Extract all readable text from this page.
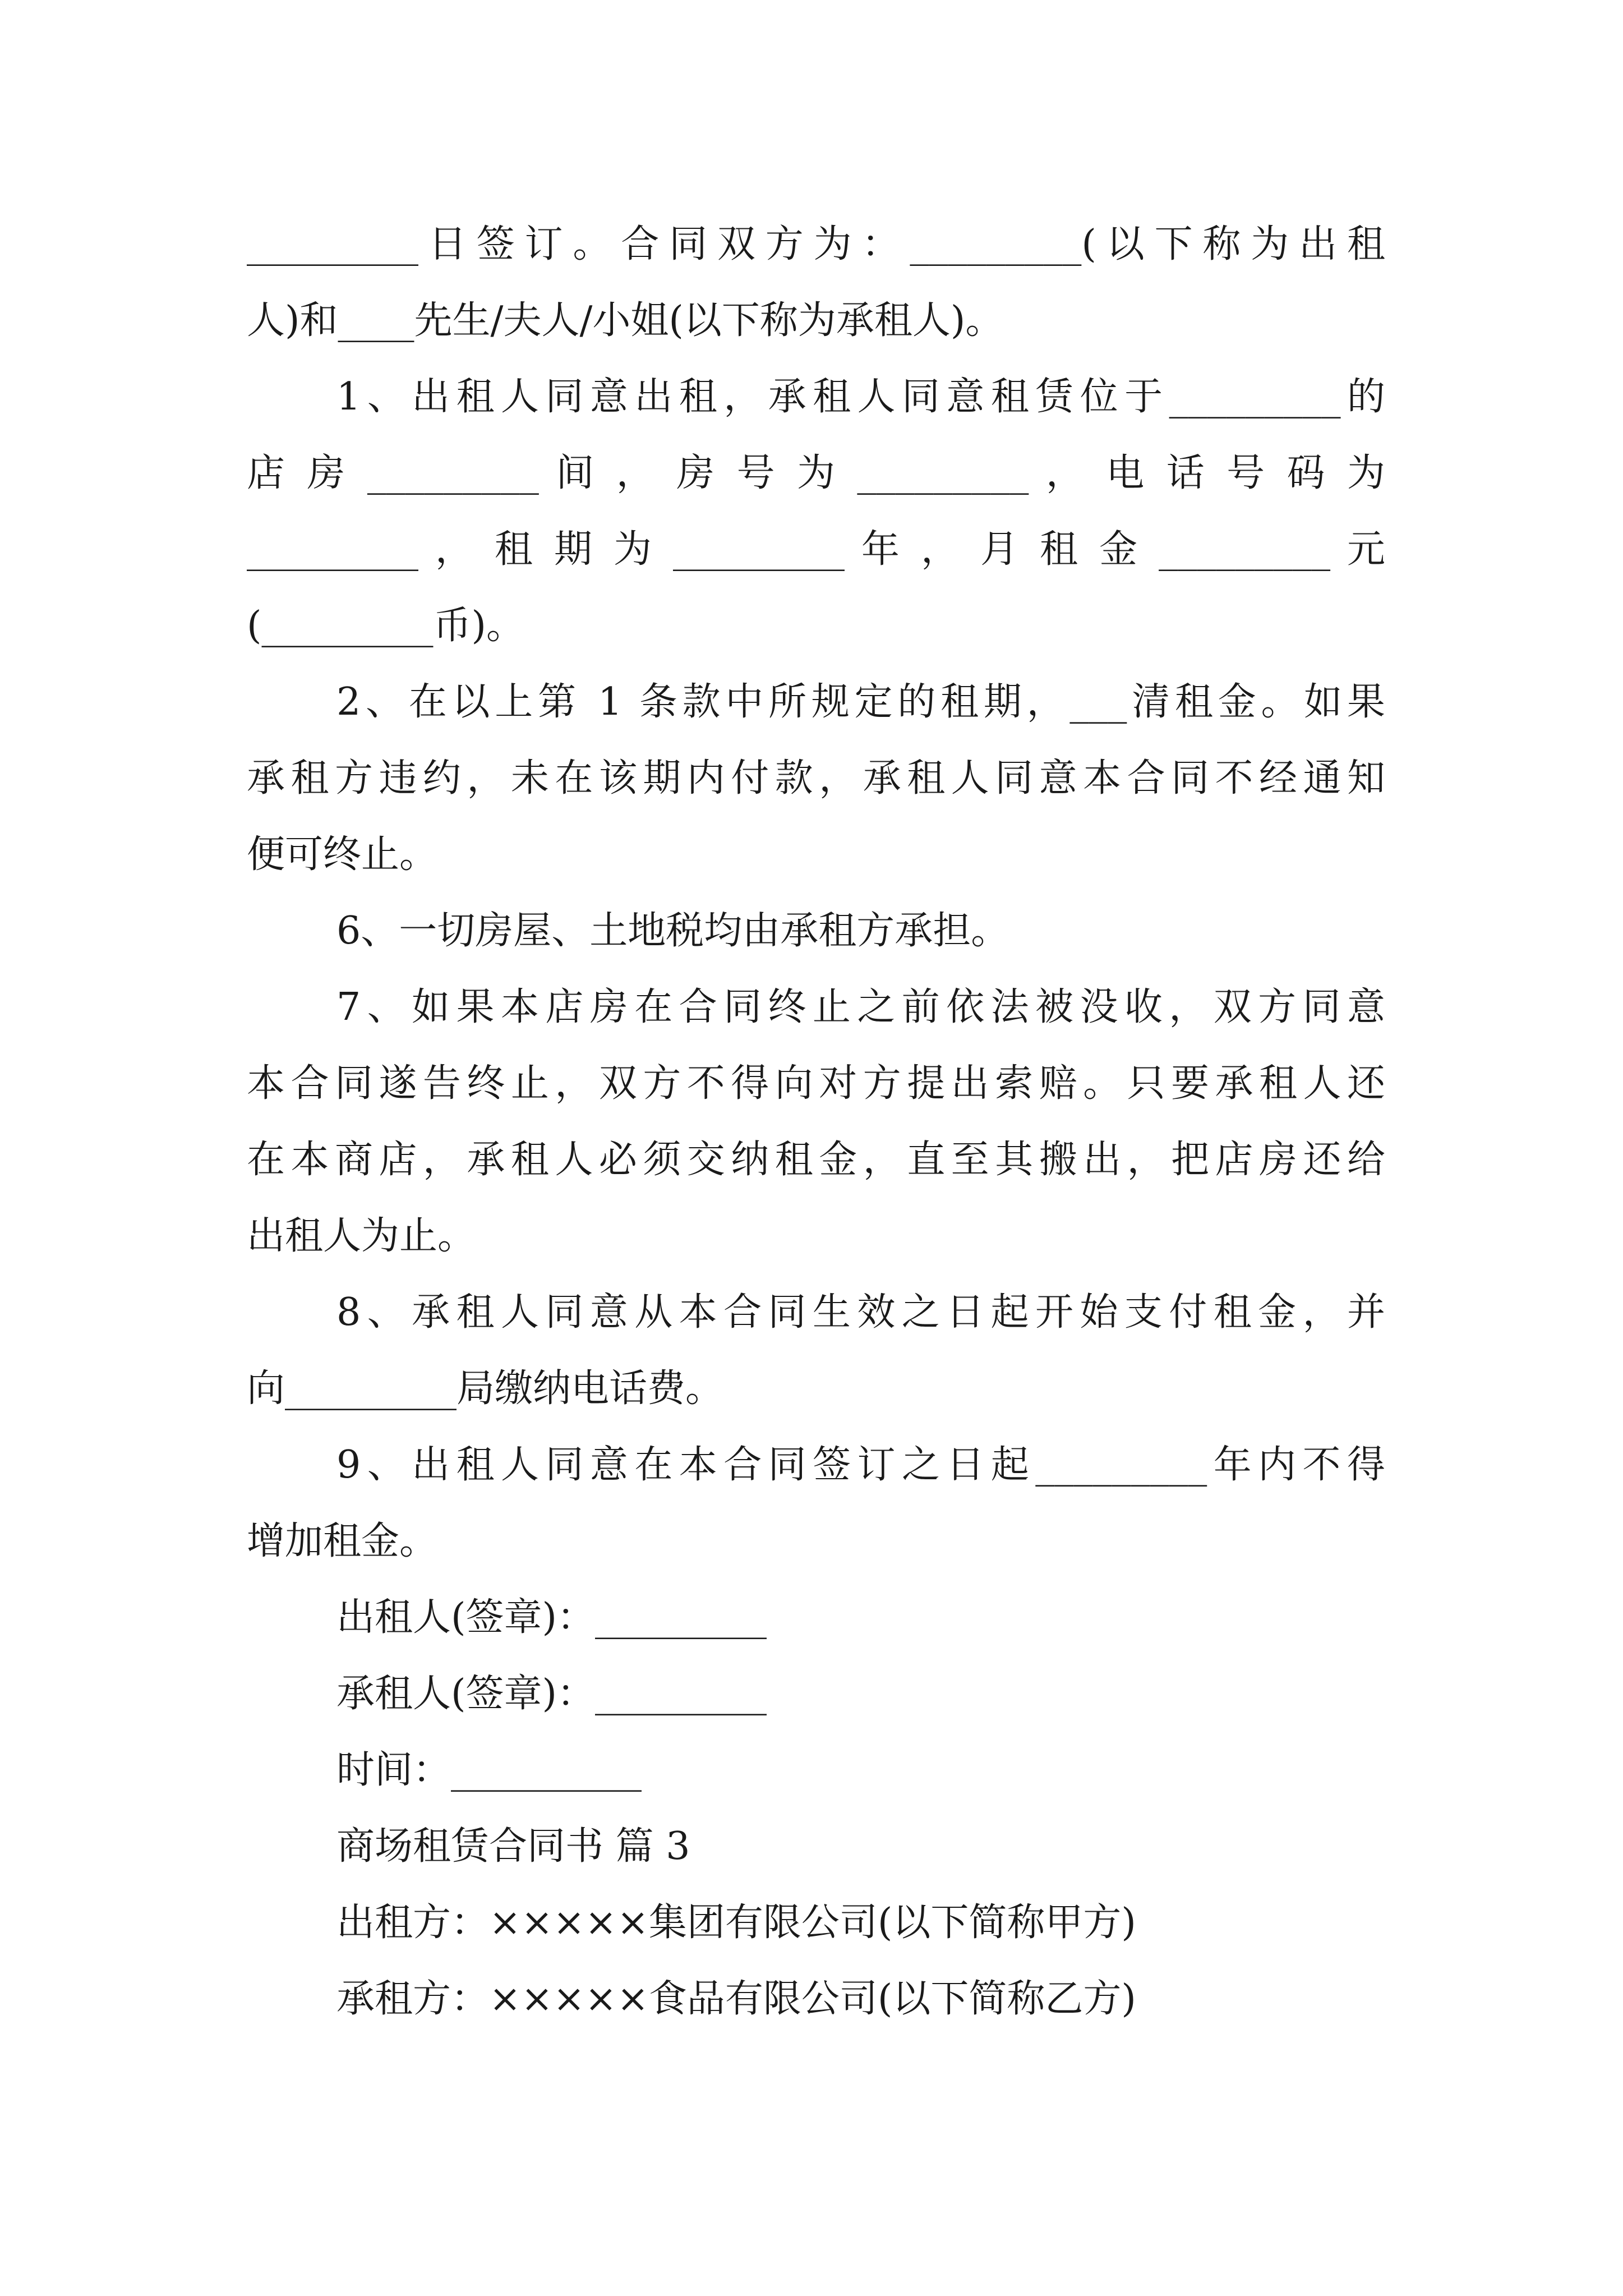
_________日签订。合同双方为：_________(以下称为出租

人)和____先生/夫人/小姐(以下称为承租人)。

1、出租人同意出租，承租人同意租赁位于_________的

店 房 _________ 间 ， 房 号 为 _________ ， 电 话 号 码 为

_________ ， 租 期 为 _________ 年 ， 月 租 金 _________ 元

(_________币)。

2、在以上第 1 条款中所规定的租期，___清租金。如果

承租方违约，未在该期内付款，承租人同意本合同不经通知

便可终止。

6、一切房屋、土地税均由承租方承担。

7、如果本店房在合同终止之前依法被没收，双方同意

本合同遂告终止，双方不得向对方提出索赔。只要承租人还

在本商店，承租人必须交纳租金，直至其搬出，把店房还给

出租人为止。

8、承租人同意从本合同生效之日起开始支付租金，并

向_________局缴纳电话费。

9、出租人同意在本合同签订之日起_________年内不得

增加租金。

出租人(签章)：_________

承租人(签章)：_________

时间：__________

商场租赁合同书 篇 3

出租方：×××××集团有限公司(以下简称甲方)

承租方：×××××食品有限公司(以下简称乙方)
